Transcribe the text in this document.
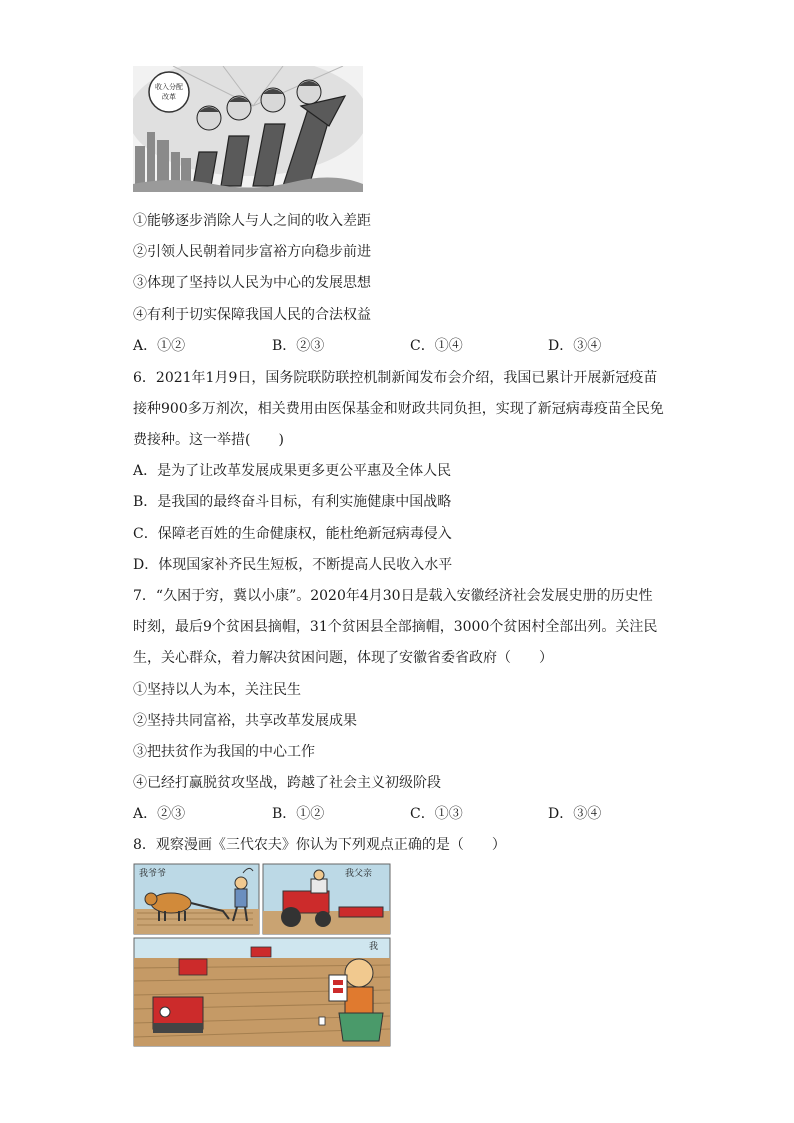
收入分配
改革
①能够逐步消除人与人之间的收入差距
②引领人民朝着同步富裕方向稳步前进
③体现了坚持以人民为中心的发展思想
④有利于切实保障我国人民的合法权益
A．①②	B．②③	C．①④	D．③④
6．2021年1月9日，国务院联防联控机制新闻发布会介绍，我国已累计开展新冠疫苗
接种900多万剂次，相关费用由医保基金和财政共同负担，实现了新冠病毒疫苗全民免
费接种。这一举措(　　)
A．是为了让改革发展成果更多更公平惠及全体人民
B．是我国的最终奋斗目标，有利实施健康中国战略
C．保障老百姓的生命健康权，能杜绝新冠病毒侵入
D．体现国家补齐民生短板，不断提高人民收入水平
7．“久困于穷，冀以小康”。2020年4月30日是载入安徽经济社会发展史册的历史性
时刻，最后9个贫困县摘帽，31个贫困县全部摘帽，3000个贫困村全部出列。关注民
生，关心群众，着力解决贫困问题，体现了安徽省委省政府（　　）
①坚持以人为本，关注民生
②坚持共同富裕，共享改革发展成果
③把扶贫作为我国的中心工作
④已经打赢脱贫攻坚战，跨越了社会主义初级阶段
A．②③	B．①②	C．①③	D．③④
8．观察漫画《三代农夫》你认为下列观点正确的是（　　）
我爷爷	我父亲
我
